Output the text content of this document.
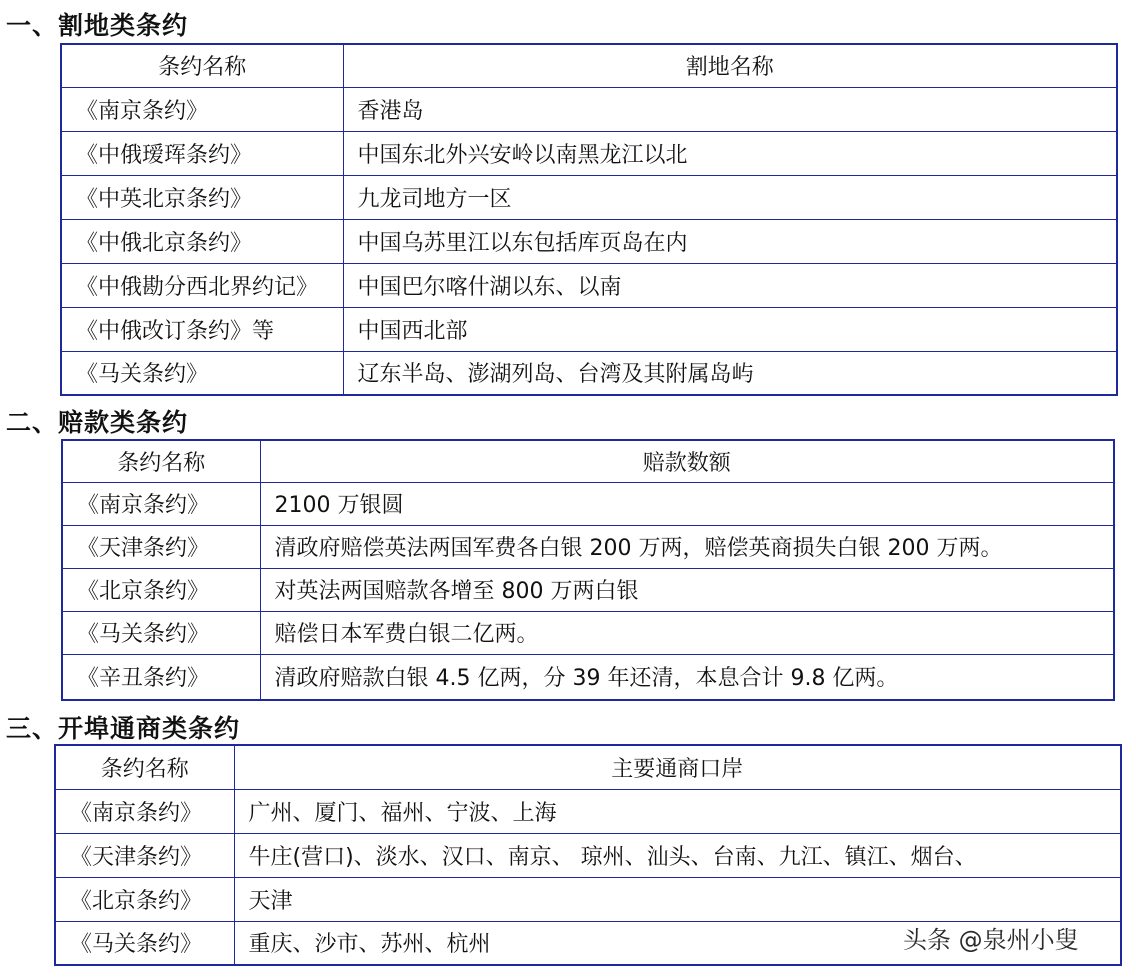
一、割地类条约
条约名称	割地名称
《南京条约》	香港岛
《中俄瑷珲条约》	中国东北外兴安岭以南黑龙江以北
《中英北京条约》	九龙司地方一区
《中俄北京条约》	中国乌苏里江以东包括库页岛在内
《中俄勘分西北界约记》	中国巴尔喀什湖以东、以南
《中俄改订条约》等	中国西北部
《马关条约》	辽东半岛、澎湖列岛、台湾及其附属岛屿
二、赔款类条约
条约名称	赔款数额
《南京条约》	2100 万银圆
《天津条约》	清政府赔偿英法两国军费各白银 200 万两，赔偿英商损失白银 200 万两。
《北京条约》	对英法两国赔款各增至 800 万两白银
《马关条约》	赔偿日本军费白银二亿两。
《辛丑条约》	清政府赔款白银 4.5 亿两，分 39 年还清，本息合计 9.8 亿两。
三、开埠通商类条约
条约名称	主要通商口岸
《南京条约》	广州、厦门、福州、宁波、上海
《天津条约》	牛庄(营口)、淡水、汉口、南京、 琼州、汕头、台南、九江、镇江、烟台、
《北京条约》	天津
《马关条约》	重庆、沙市、苏州、杭州	头条 @泉州小叟
